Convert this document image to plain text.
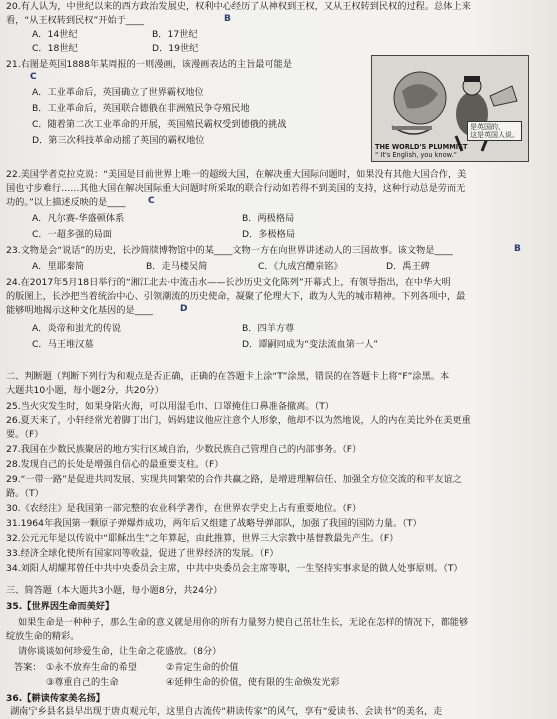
20.有人认为，中世纪以来的西方政治发展史，权利中心经历了从神权到王权，又从王权转到民权的过程。总体上来
看，“从王权转到民权”开始于____	B
A．14世纪	B．17世纪
C．18世纪	D．19世纪
21.右图是英国1888年某周报的一则漫画，该漫画表达的主旨最可能是
C
A．工业革命后，英国确立了世界霸权地位
B．工业革命后，英国联合德俄在非洲殖民争夺殖民地
C．随着第二次工业革命的开展，英国殖民霸权受到德俄的挑战
D．第三次科技革命动摇了英国的霸权地位
是英国的，
这是英国人说。
THE WORLD'S PLUMMIST
“ It's English, you know.”
22.美国学者克拉克说：“美国是目前世界上唯一的超级大国，在解决重大国际问题时，如果没有其他大国合作，美
国也寸步难行……其他大国在解决国际重大问题时所采取的联合行动如若得不到美国的支持，这种行动总是劳而无
功的。”以上描述反映的是____ C
A．凡尔赛-华盛顿体系	B．两极格局
C．一超多强的局面	D．多极格局
23.文物是会“说话”的历史，长沙简牍博物馆中的某____文物一方在向世界讲述动人的三国故事。该文物是____	B
A．里耶秦简	B．走马楼吴简	C．《九成宫醴泉铭》	D．禹王碑
24.在2017年5月18日举行的“湘江北去·中流击水——长沙历史文化陈列”开幕式上，有领导指出，在中华大明
的版图上，长沙把当着统治中心、引领潮流的历史使命，凝聚了伦理大下，敢为人先的城市精神。下列各项中，最
能够明地揭示这种文化基因的是____	D
A．炎帝和蚩尤的传说	B．四羊方尊
C．马王堆汉墓	D．谭嗣同成为“变法流血第一人”
二、判断题（判断下列行为和观点是否正确，正确的在答题卡上涂“T”涂黑，错误的在答题卡上将“F”涂黑。本
大题共10小题，每小题2分，共20分）
25.当火灾发生时，如果身陷火海，可以用湿毛巾、口罩掩住口鼻准备撤离。（T）
26.夏天来了，小轩经常光着脚丁出门，妈妈建议他应注意个人形象，他却不以为然地说，人的内在美比外在美更重
要。（F）
27.我国在少数民族聚居的地方实行区域自治，少数民族自己管理自己的内部事务。（F）
28.发现自己的长处是增强自信心的最重要支柱。（F）
29.“一带一路”是促进共同发展、实现共同繁荣的合作共赢之路，是增进理解信任、加强全方位交流的和平友谊之
路。（T）
30.《农经注》是我国第一部完整的农业科学著作，在世界农学史上占有重要地位。（F）
31.1964年我国第一颗原子弹爆炸成功，两年后又组建了战略导弹部队，加强了我国的国防力量。（T）
32.公元元年是以传说中“耶稣出生”之年算起，由此推算，世界三大宗教中基督教最先产生。（F）
33.经济全球化使所有国家同等收益，促进了世界经济的发展。（F）
34.刘阳人胡耀邦曾任中共中央委员会主席，中共中央委员会主席等职，一生坚持实事求是的做人处事原则。（T）
三、简答题（本大题共3小题，每小题8分，共24分）
35.【世界因生命而美好】
如果生命是一种种子，那么生命的意义就是用你的所有力量努力使自己茁壮生长，无论在怎样的情况下，都能够
绽放生命的精彩。
请你谈谈如何珍爱生命，让生命之花盛放。（8分）
答案： ①永不放弃生命的希望	②肯定生命的价值
③尊重自己的生命	④延伸生命的价值，使有限的生命焕发光彩
36.【耕读传家美名扬】
湖南宁乡县名县早出现于唐贞观元年，这里自古流传“耕读传家”的风气，享有“爱读书、会读书”的美名，走
